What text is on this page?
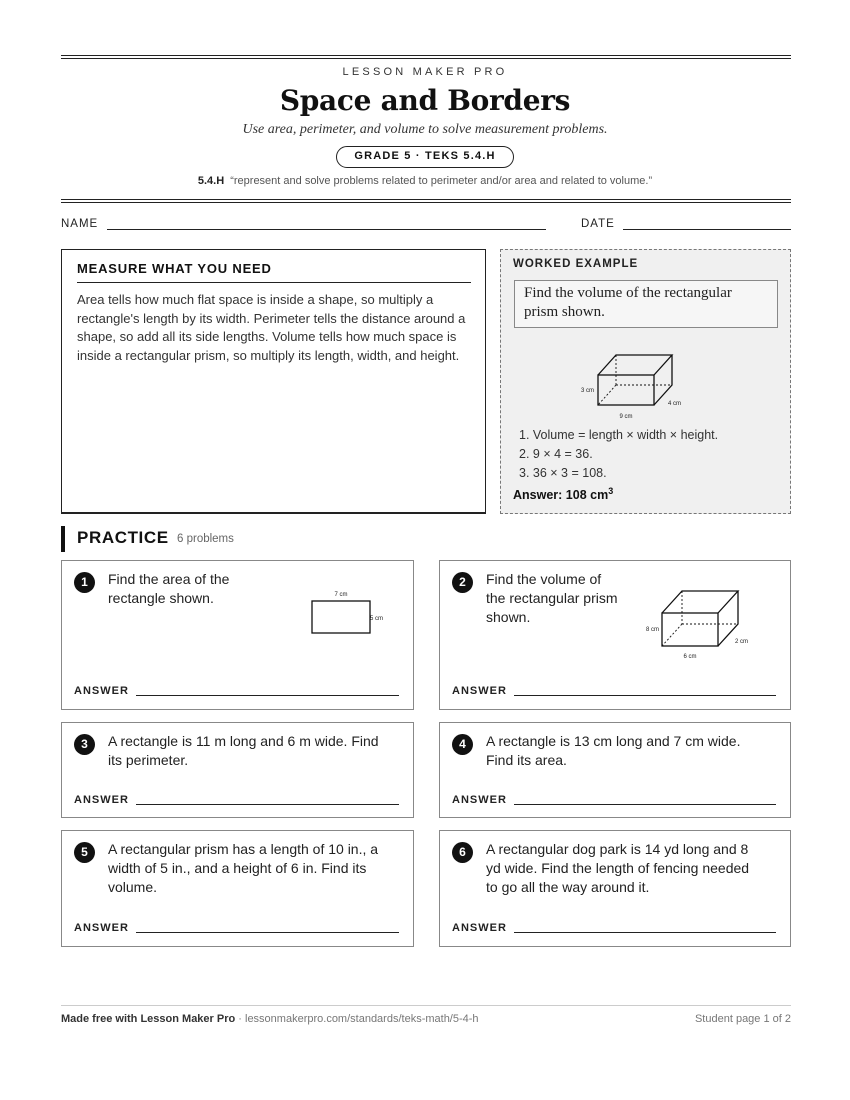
LESSON MAKER PRO
Space and Borders
Use area, perimeter, and volume to solve measurement problems.
GRADE 5 · TEKS 5.4.H
5.4.H “represent and solve problems related to perimeter and/or area and related to volume.”
NAME	DATE
MEASURE WHAT YOU NEED
Area tells how much flat space is inside a shape, so multiply a rectangle's length by its width. Perimeter tells the distance around a shape, so add all its side lengths. Volume tells how much space is inside a rectangular prism, so multiply its length, width, and height.
WORKED EXAMPLE
Find the volume of the rectangular prism shown.
3 cm
4 cm
9 cm
1. Volume = length × width × height.
2. 9 × 4 = 36.
3. 36 × 3 = 108.
Answer: 108 $cm^3$
PRACTICE 6 problems
1	Find the area of the
rectangle shown.	7 cm
5 cm
ANSWER
2	Find the volume of
the rectangular prism
shown.
8 cm
2 cm
6 cm
ANSWER
3	A rectangle is 11 m long and 6 m wide. Find
its perimeter.
ANSWER
4	A rectangle is 13 cm long and 7 cm wide.
Find its area.
ANSWER
5	A rectangular prism has a length of 10 in., a
width of 5 in., and a height of 6 in. Find its
volume.
ANSWER
6	A rectangular dog park is 14 yd long and 8
yd wide. Find the length of fencing needed
to go all the way around it.
ANSWER
Made free with Lesson Maker Pro · lessonmakerpro.com/standards/teks-math/5-4-h	Student page 1 of 2
